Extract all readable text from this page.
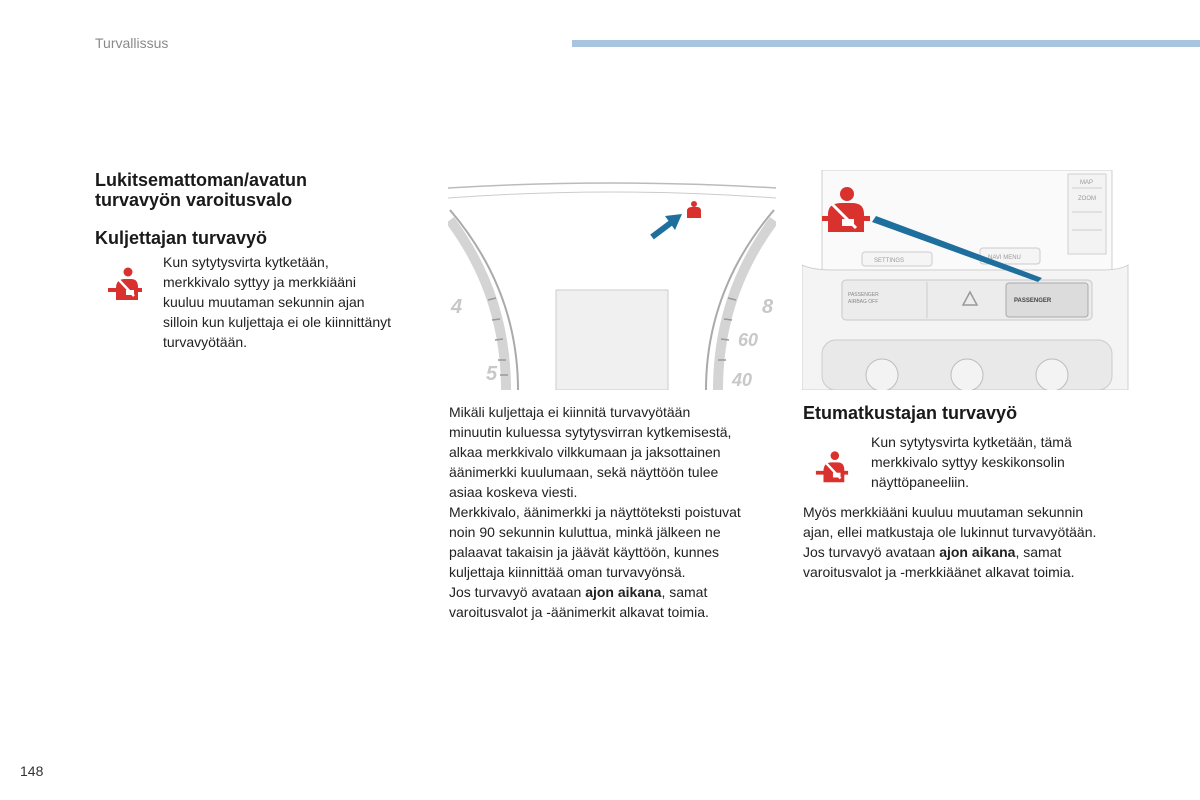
Turvallissus
Lukitsemattoman/avatun
turvavyön varoitusvalo
Kuljettajan turvavyö

Kun sytytysvirta kytketään,

merkkivalo syttyy ja merkkiääni

kuuluu muutaman sekunnin ajan

silloin kun kuljettaja ei ole kiinnittänyt

turvavyötään.

4
5
8
60
40

Mikäli kuljettaja ei kiinnitä turvavyötään

minuutin kuluessa sytytysvirran kytkemisestä,

alkaa merkkivalo vilkkumaan ja jaksottainen

äänimerkki kuulumaan, sekä näyttöön tulee

asiaa koskeva viesti.

Merkkivalo, äänimerkki ja näyttöteksti poistuvat

noin 90 sekunnin kuluttua, minkä jälkeen ne

palaavat takaisin ja jäävät käyttöön, kunnes

kuljettaja kiinnittää oman turvavyönsä.

Jos turvavyö avataan ajon aikana, samat

varoitusvalot ja -äänimerkit alkavat toimia.

MAP
ZOOM
SETTINGS	NAVI MENU
PASSENGER
AIRBAG OFF	PASSENGER
Etumatkustajan turvavyö

Kun sytytysvirta kytketään, tämä

merkkivalo syttyy keskikonsolin

näyttöpaneeliin.

Myös merkkiääni kuuluu muutaman sekunnin

ajan, ellei matkustaja ole lukinnut turvavyötään.

Jos turvavyö avataan ajon aikana, samat

varoitusvalot ja -merkkiäänet alkavat toimia.

148
